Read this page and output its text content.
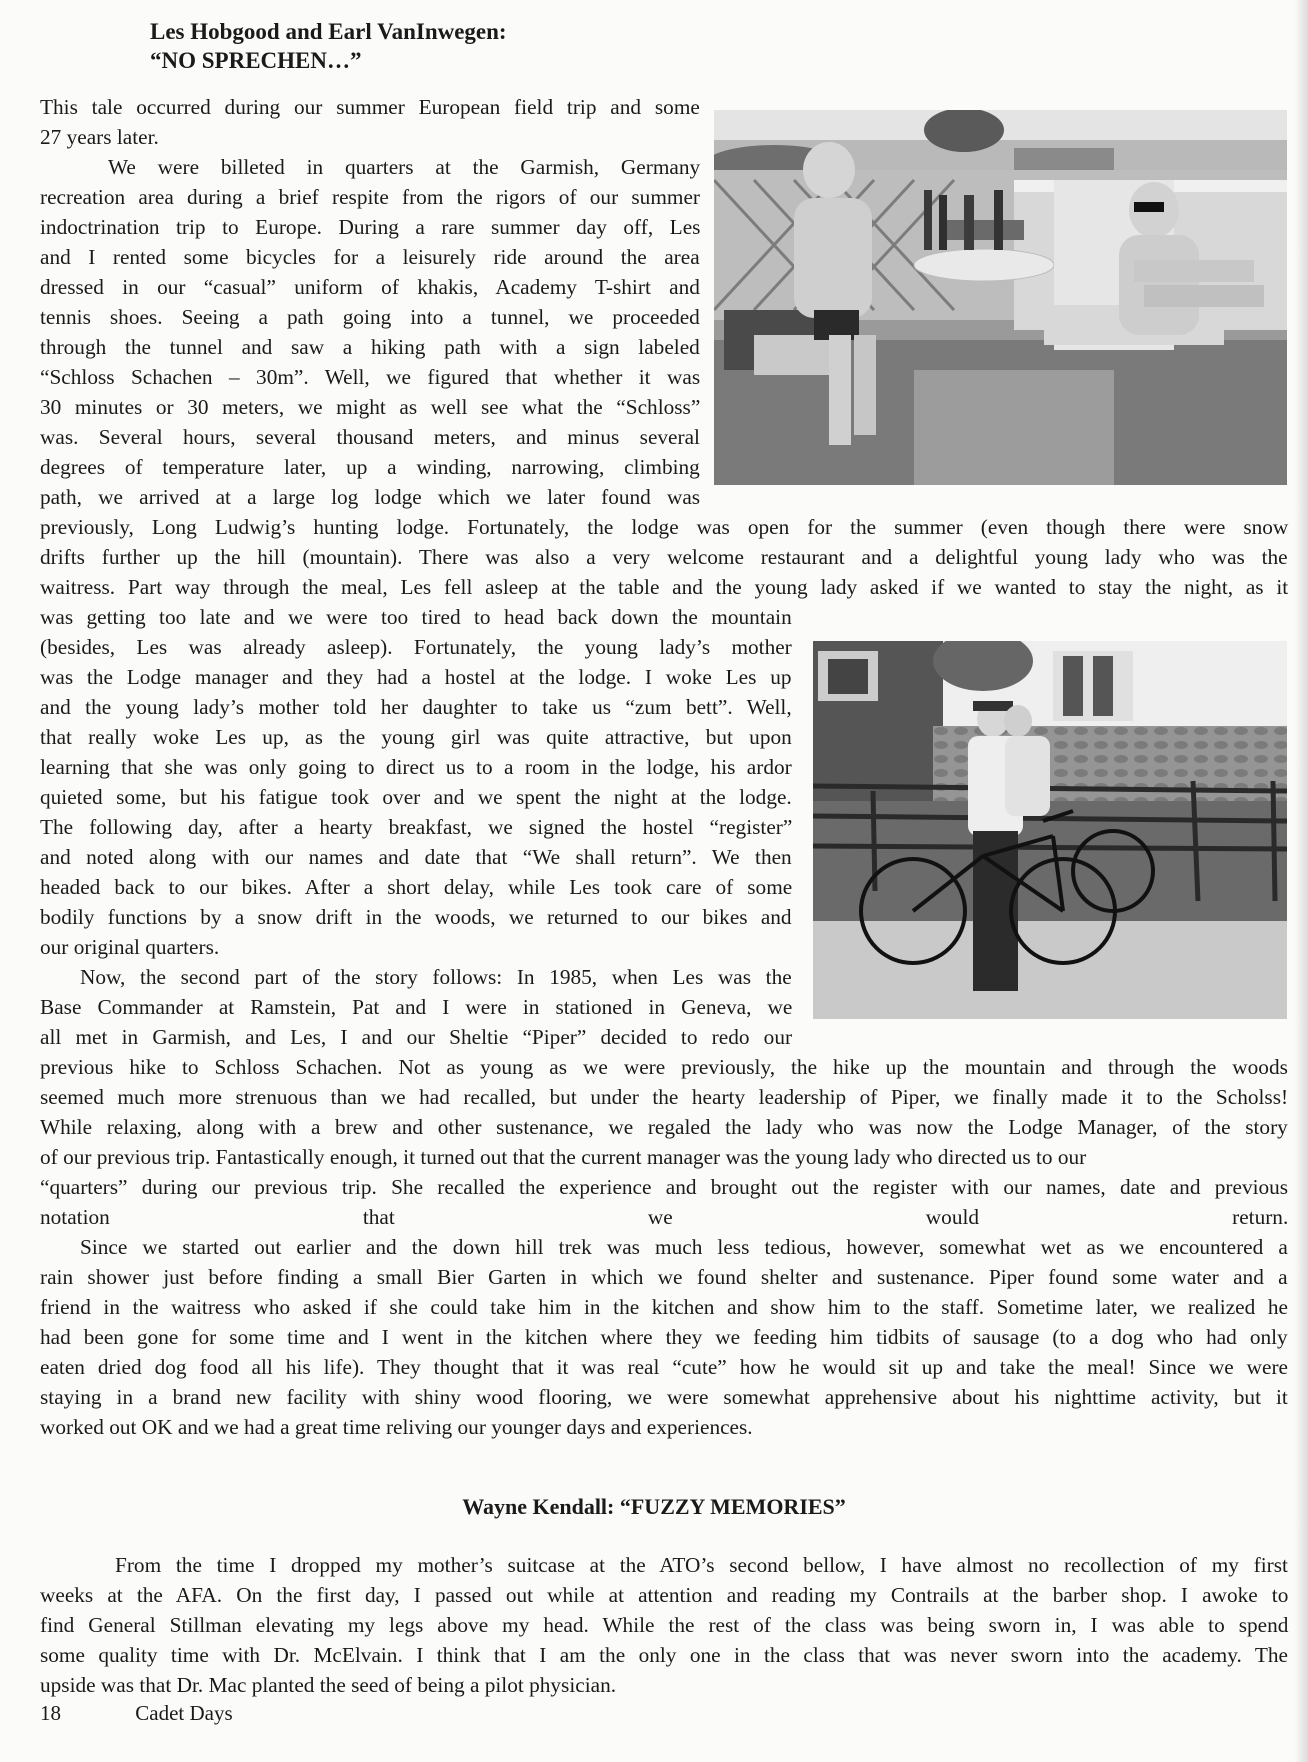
Les Hobgood and Earl VanInwegen:
“NO SPRECHEN…”
This tale occurred during our summer European field trip and some
27 years later.
We were billeted in quarters at the Garmish, Germany
recreation area during a brief respite from the rigors of our summer
indoctrination trip to Europe. During a rare summer day off, Les
and I rented some bicycles for a leisurely ride around the area
dressed in our “casual” uniform of khakis, Academy T-shirt and
tennis shoes. Seeing a path going into a tunnel, we proceeded
through the tunnel and saw a hiking path with a sign labeled
“Schloss Schachen – 30m”. Well, we figured that whether it was
30 minutes or 30 meters, we might as well see what the “Schloss”
was. Several hours, several thousand meters, and minus several
degrees of temperature later, up a winding, narrowing, climbing
path, we arrived at a large log lodge which we later found was
previously, Long Ludwig’s hunting lodge. Fortunately, the lodge was open for the summer (even though there were snow
drifts further up the hill (mountain). There was also a very welcome restaurant and a delightful young lady who was the
waitress. Part way through the meal, Les fell asleep at the table and the young lady asked if we wanted to stay the night, as it
was getting too late and we were too tired to head back down the mountain
(besides, Les was already asleep). Fortunately, the young lady’s mother
was the Lodge manager and they had a hostel at the lodge. I woke Les up
and the young lady’s mother told her daughter to take us “zum bett”. Well,
that really woke Les up, as the young girl was quite attractive, but upon
learning that she was only going to direct us to a room in the lodge, his ardor
quieted some, but his fatigue took over and we spent the night at the lodge.
The following day, after a hearty breakfast, we signed the hostel “register”
and noted along with our names and date that “We shall return”. We then
headed back to our bikes. After a short delay, while Les took care of some
bodily functions by a snow drift in the woods, we returned to our bikes and
our original quarters.
Now, the second part of the story follows: In 1985, when Les was the
Base Commander at Ramstein, Pat and I were in stationed in Geneva, we
all met in Garmish, and Les, I and our Sheltie “Piper” decided to redo our
previous hike to Schloss Schachen. Not as young as we were previously, the hike up the mountain and through the woods
seemed much more strenuous than we had recalled, but under the hearty leadership of Piper, we finally made it to the Scholss!
While relaxing, along with a brew and other sustenance, we regaled the lady who was now the Lodge Manager, of the story
of our previous trip. Fantastically enough, it turned out that the current manager was the young lady who directed us to our
“quarters” during our previous trip. She recalled the experience and brought out the register with our names, date and previous
notation that we would return.
Since we started out earlier and the down hill trek was much less tedious, however, somewhat wet as we encountered a
rain shower just before finding a small Bier Garten in which we found shelter and sustenance. Piper found some water and a
friend in the waitress who asked if she could take him in the kitchen and show him to the staff. Sometime later, we realized he
had been gone for some time and I went in the kitchen where they we feeding him tidbits of sausage (to a dog who had only
eaten dried dog food all his life). They thought that it was real “cute” how he would sit up and take the meal! Since we were
staying in a brand new facility with shiny wood flooring, we were somewhat apprehensive about his nighttime activity, but it
worked out OK and we had a great time reliving our younger days and experiences.
Wayne Kendall: “FUZZY MEMORIES”
From the time I dropped my mother’s suitcase at the ATO’s second bellow, I have almost no recollection of my first
weeks at the AFA. On the first day, I passed out while at attention and reading my Contrails at the barber shop. I awoke to
find General Stillman elevating my legs above my head. While the rest of the class was being sworn in, I was able to spend
some quality time with Dr. McElvain. I think that I am the only one in the class that was never sworn into the academy. The
upside was that Dr. Mac planted the seed of being a pilot physician.
18	Cadet Days
